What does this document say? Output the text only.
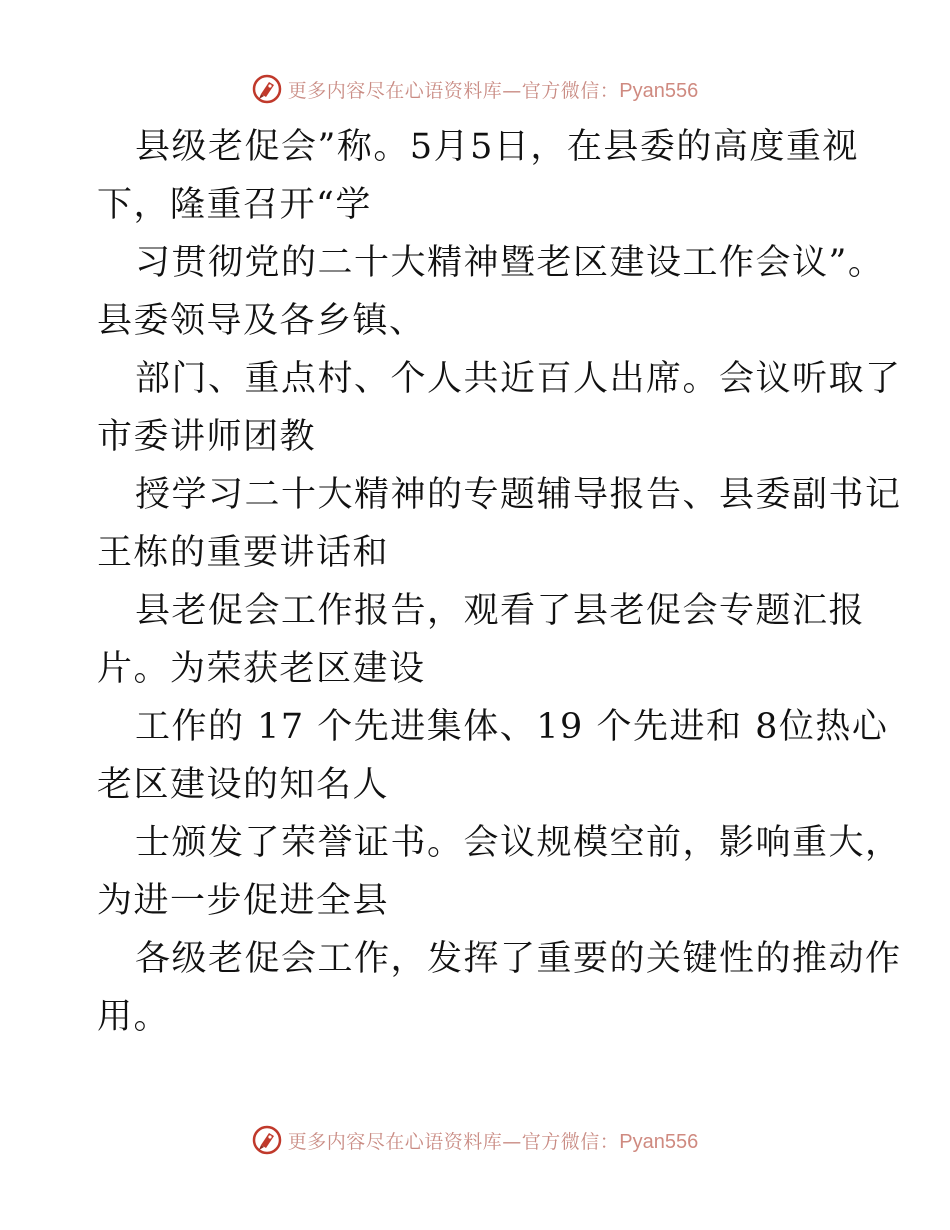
更多内容尽在心语资料库—官方微信：Pyan556
县级老促会”称。5月5日，在县委的高度重视
下，隆重召开“学
习贯彻党的二十大精神暨老区建设工作会议”。
县委领导及各乡镇、
部门、重点村、个人共近百人出席。会议听取了
市委讲师团教
授学习二十大精神的专题辅导报告、县委副书记
王栋的重要讲话和
县老促会工作报告，观看了县老促会专题汇报
片。为荣获老区建设
工作的 17 个先进集体、19 个先进和 8位热心
老区建设的知名人
士颁发了荣誉证书。会议规模空前，影响重大，
为进一步促进全县
各级老促会工作，发挥了重要的关键性的推动作
用。
更多内容尽在心语资料库—官方微信：Pyan556
